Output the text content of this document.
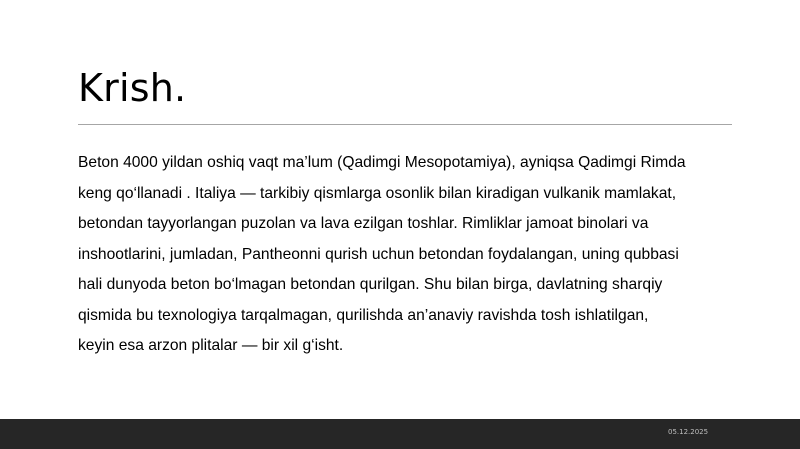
Krish.

Beton 4000 yildan oshiq vaqt ma’lum (Qadimgi Mesopotamiya), ayniqsa Qadimgi Rimda
keng qo‘llanadi . Italiya — tarkibiy qismlarga osonlik bilan kiradigan vulkanik mamlakat,
betondan tayyorlangan puzolan va lava ezilgan toshlar. Rimliklar jamoat binolari va
inshootlarini, jumladan, Pantheonni qurish uchun betondan foydalangan, uning qubbasi
hali dunyoda beton bo‘lmagan betondan qurilgan. Shu bilan birga, davlatning sharqiy
qismida bu texnologiya tarqalmagan, qurilishda an’anaviy ravishda tosh ishlatilgan,
keyin esa arzon plitalar — bir xil g‘isht.

05.12.2025
